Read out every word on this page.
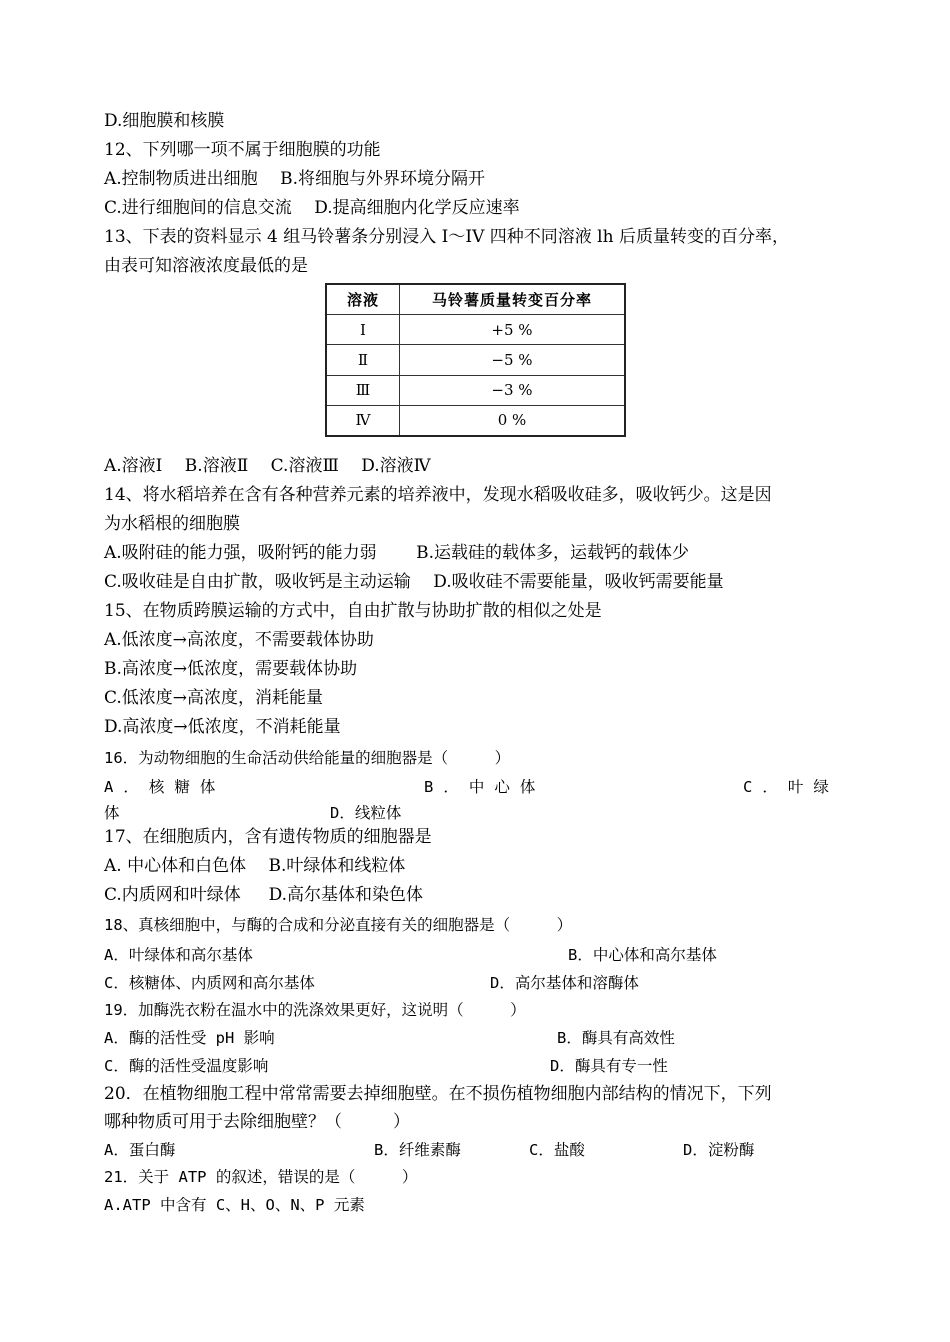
D.细胞膜和核膜
12、下列哪一项不属于细胞膜的功能
A.控制物质进出细胞 　B.将细胞与外界环境分隔开
C.进行细胞间的信息交流 　D.提高细胞内化学反应速率
13、下表的资料显示 4 组马铃薯条分别浸入 I～IV 四种不同溶液 lh 后质量转变的百分率，
由表可知溶液浓度最低的是
溶液	马铃薯质量转变百分率
Ⅰ	+5 %
Ⅱ	−5 %
Ⅲ	−3 %
Ⅳ	0 %
A.溶液Ⅰ 　B.溶液Ⅱ 　C.溶液Ⅲ 　D.溶液Ⅳ
14、将水稻培养在含有各种营养元素的培养液中，发现水稻吸收硅多，吸收钙少。这是因
为水稻根的细胞膜
A.吸附硅的能力强，吸附钙的能力弱 　　B.运载硅的载体多，运载钙的载体少
C.吸收硅是自由扩散，吸收钙是主动运输 　D.吸收硅不需要能量，吸收钙需要能量
15、在物质跨膜运输的方式中，自由扩散与协助扩散的相似之处是
A.低浓度→高浓度，不需要载体协助
B.高浓度→低浓度，需要载体协助
C.低浓度→高浓度，消耗能量
D.高浓度→低浓度，不消耗能量
16．为动物细胞的生命活动供给能量的细胞器是（　　　）
A．核糖体	B．中心体	C．叶绿
体	D．线粒体
17、在细胞质内，含有遗传物质的细胞器是
A. 中心体和白色体 　B.叶绿体和线粒体
C.内质网和叶绿体 　 D.高尔基体和染色体
18、真核细胞中，与酶的合成和分泌直接有关的细胞器是（　　　）
A．叶绿体和高尔基体	B．中心体和高尔基体
C．核糖体、内质网和高尔基体	D．高尔基体和溶酶体
19．加酶洗衣粉在温水中的洗涤效果更好，这说明（　　　）
A．酶的活性受 pH 影响	B．酶具有高效性
C．酶的活性受温度影响	D．酶具有专一性
20．在植物细胞工程中常常需要去掉细胞壁。在不损伤植物细胞内部结构的情况下，下列
哪种物质可用于去除细胞壁？（　　　）
A．蛋白酶	B．纤维素酶	C．盐酸	D．淀粉酶
21．关于 ATP 的叙述，错误的是（　　　）
A.ATP 中含有 C、H、O、N、P 元素
